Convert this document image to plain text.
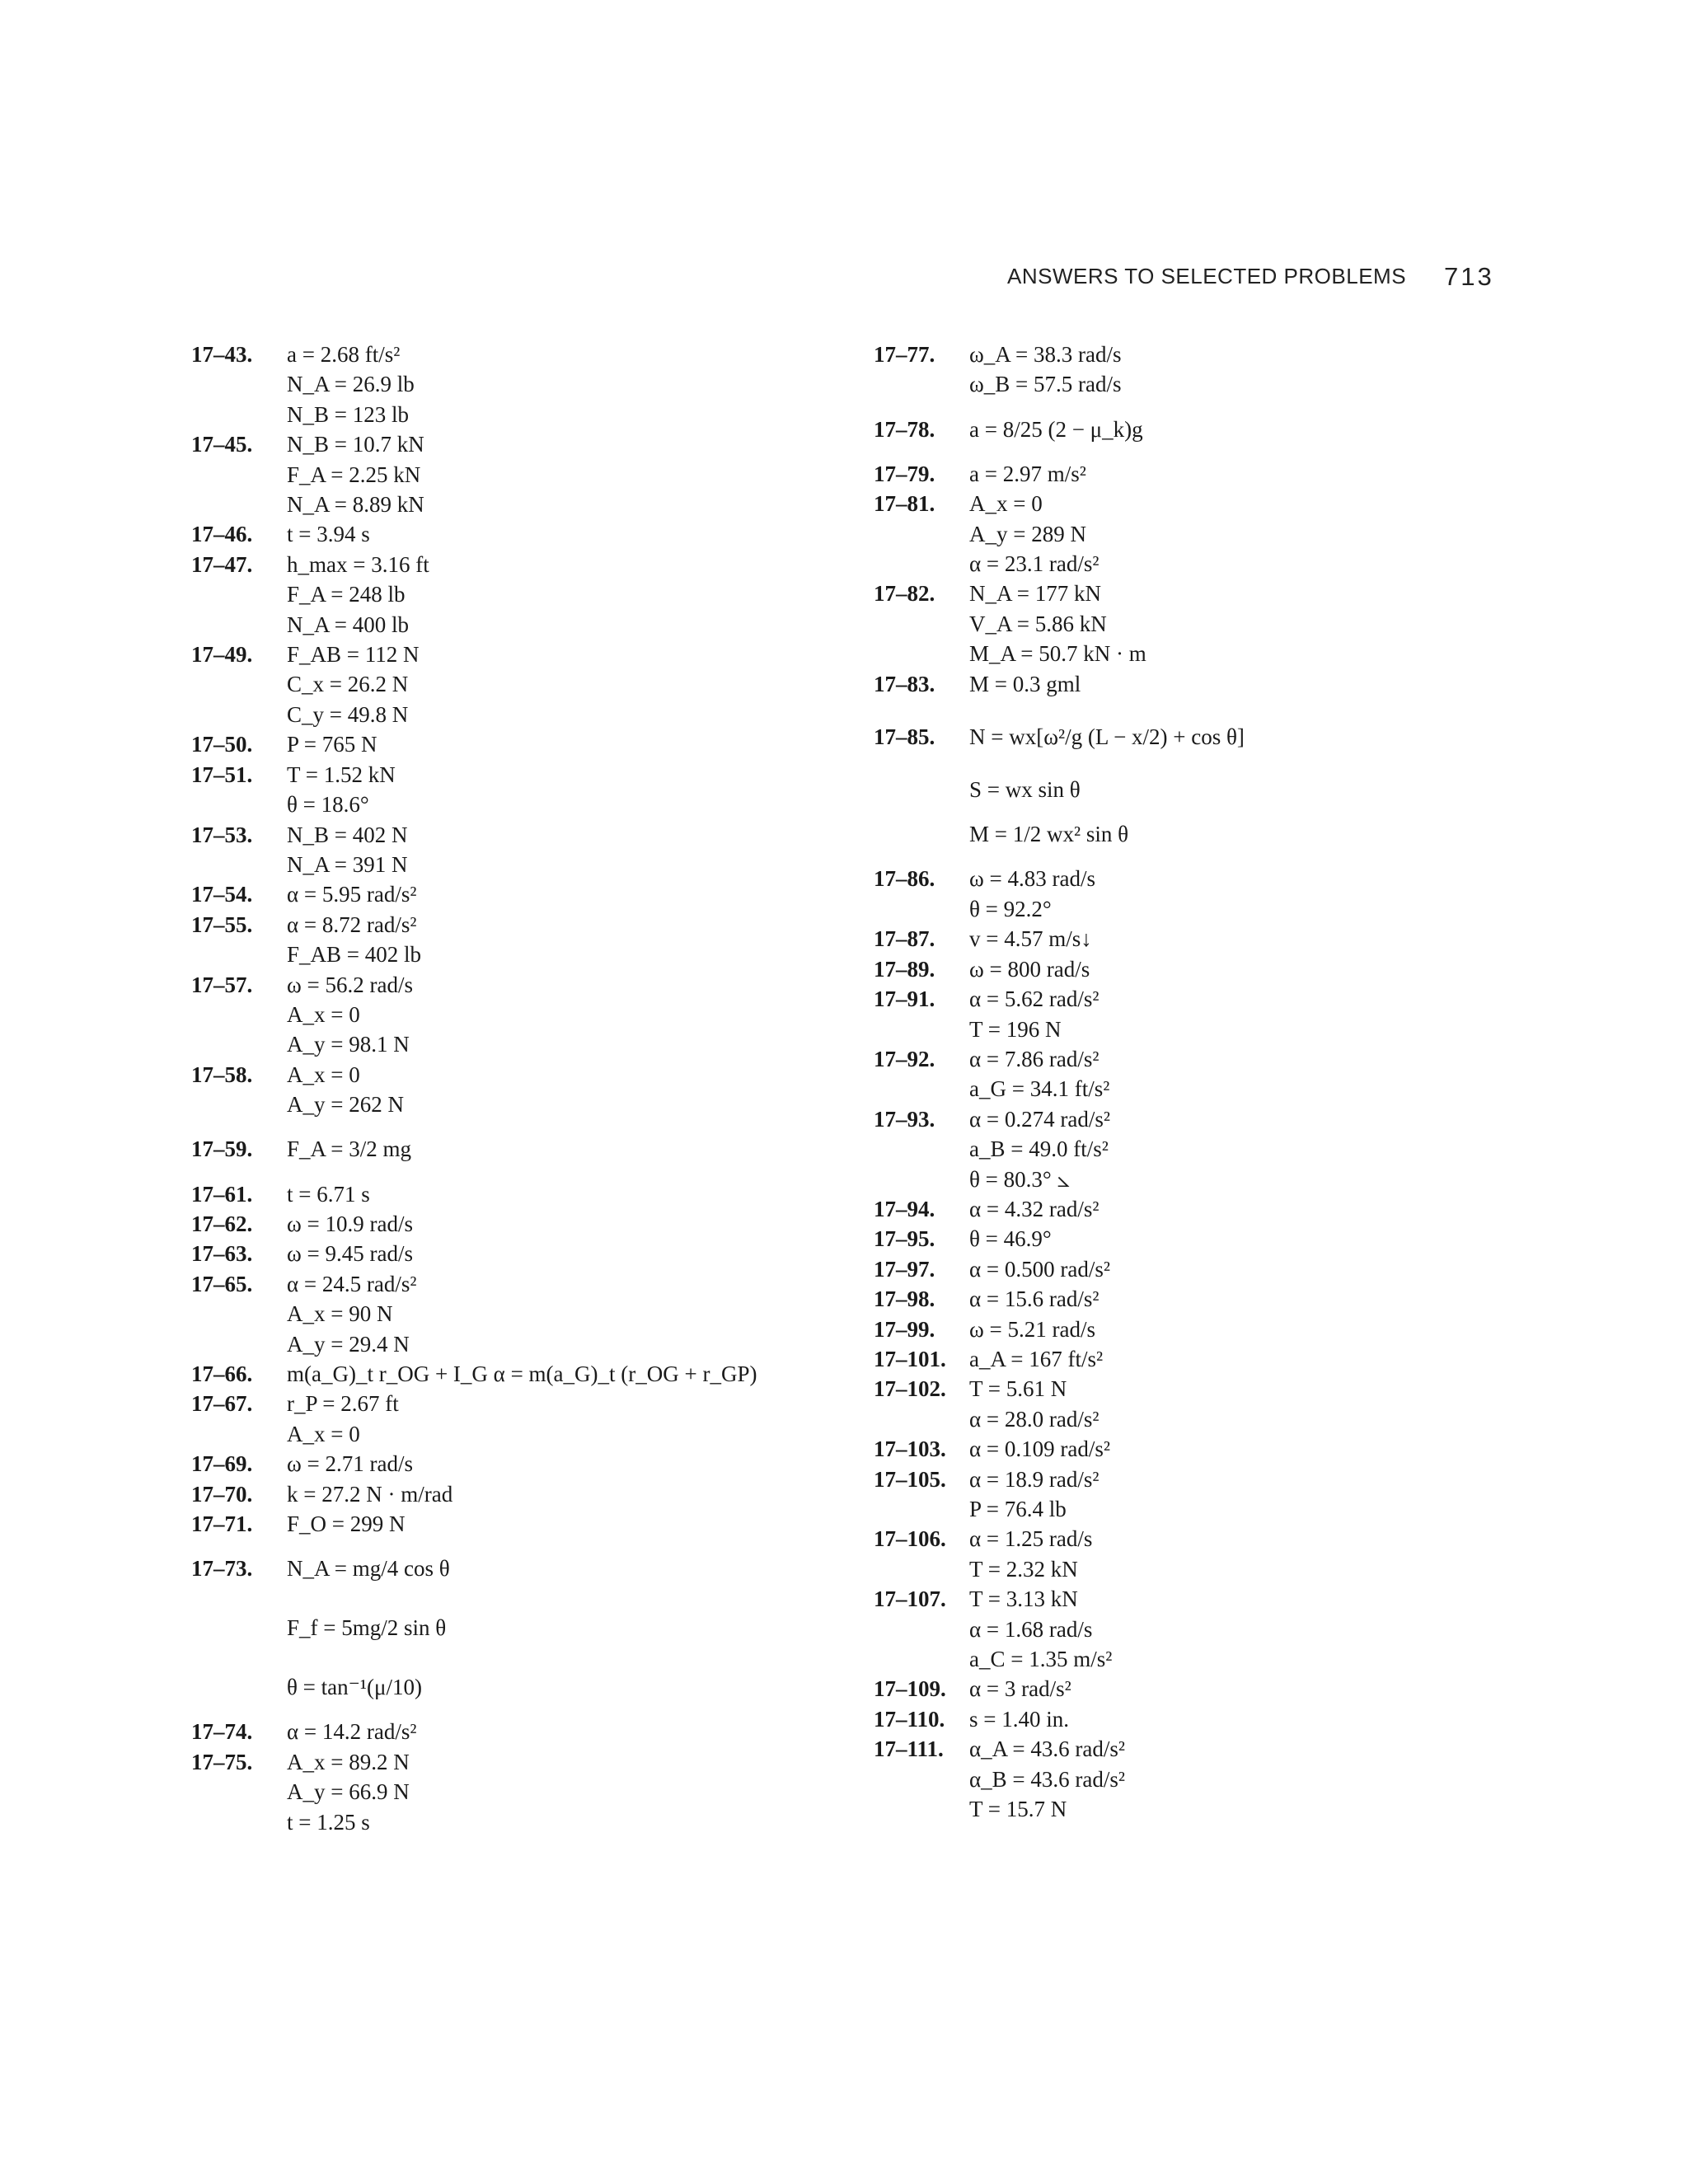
ANSWERS TO SELECTED PROBLEMS 713
17–43.	a = 2.68 ft/s²
N_A = 26.9 lb
N_B = 123 lb
17–45.	N_B = 10.7 kN
F_A = 2.25 kN
N_A = 8.89 kN
17–46.	t = 3.94 s
17–47.	h_max = 3.16 ft
F_A = 248 lb
N_A = 400 lb
17–49.	F_AB = 112 N
C_x = 26.2 N
C_y = 49.8 N
17–50.	P = 765 N
17–51.	T = 1.52 kN
θ = 18.6°
17–53.	N_B = 402 N
N_A = 391 N
17–54.	α = 5.95 rad/s²
17–55.	α = 8.72 rad/s²
F_AB = 402 lb
17–57.	ω = 56.2 rad/s
A_x = 0
A_y = 98.1 N
17–58.	A_x = 0
A_y = 262 N
17–59.	F_A = 3/2 mg
17–61.	t = 6.71 s
17–62.	ω = 10.9 rad/s
17–63.	ω = 9.45 rad/s
17–65.	α = 24.5 rad/s²
A_x = 90 N
A_y = 29.4 N
17–66.	m(a_G)_t r_OG + I_G α = m(a_G)_t (r_OG + r_GP)
17–67.	r_P = 2.67 ft
A_x = 0
17–69.	ω = 2.71 rad/s
17–70.	k = 27.2 N · m/rad
17–71.	F_O = 299 N
17–73.	N_A = mg/4 cos θ
F_f = 5mg/2 sin θ
θ = tan⁻¹(μ/10)
17–74.	α = 14.2 rad/s²
17–75.	A_x = 89.2 N
A_y = 66.9 N
t = 1.25 s
17–77.	ω_A = 38.3 rad/s
ω_B = 57.5 rad/s
17–78.	a = 8/25 (2 − μ_k)g
17–79.	a = 2.97 m/s²
17–81.	A_x = 0
A_y = 289 N
α = 23.1 rad/s²
17–82.	N_A = 177 kN
V_A = 5.86 kN
M_A = 50.7 kN · m
17–83.	M = 0.3 gml
17–85.	N = wx[ω²/g (L − x/2) + cos θ]
S = wx sin θ
M = 1/2 wx² sin θ
17–86.	ω = 4.83 rad/s
θ = 92.2°
17–87.	v = 4.57 m/s↓
17–89.	ω = 800 rad/s
17–91.	α = 5.62 rad/s²
T = 196 N
17–92.	α = 7.86 rad/s²
a_G = 34.1 ft/s²
17–93.	α = 0.274 rad/s²
a_B = 49.0 ft/s²
θ = 80.3° ⦣
17–94.	α = 4.32 rad/s²
17–95.	θ = 46.9°
17–97.	α = 0.500 rad/s²
17–98.	α = 15.6 rad/s²
17–99.	ω = 5.21 rad/s
17–101.	a_A = 167 ft/s²
17–102.	T = 5.61 N
α = 28.0 rad/s²
17–103.	α = 0.109 rad/s²
17–105.	α = 18.9 rad/s²
P = 76.4 lb
17–106.	α = 1.25 rad/s
T = 2.32 kN
17–107.	T = 3.13 kN
α = 1.68 rad/s
a_C = 1.35 m/s²
17–109.	α = 3 rad/s²
17–110.	s = 1.40 in.
17–111.	α_A = 43.6 rad/s²
α_B = 43.6 rad/s²
T = 15.7 N
